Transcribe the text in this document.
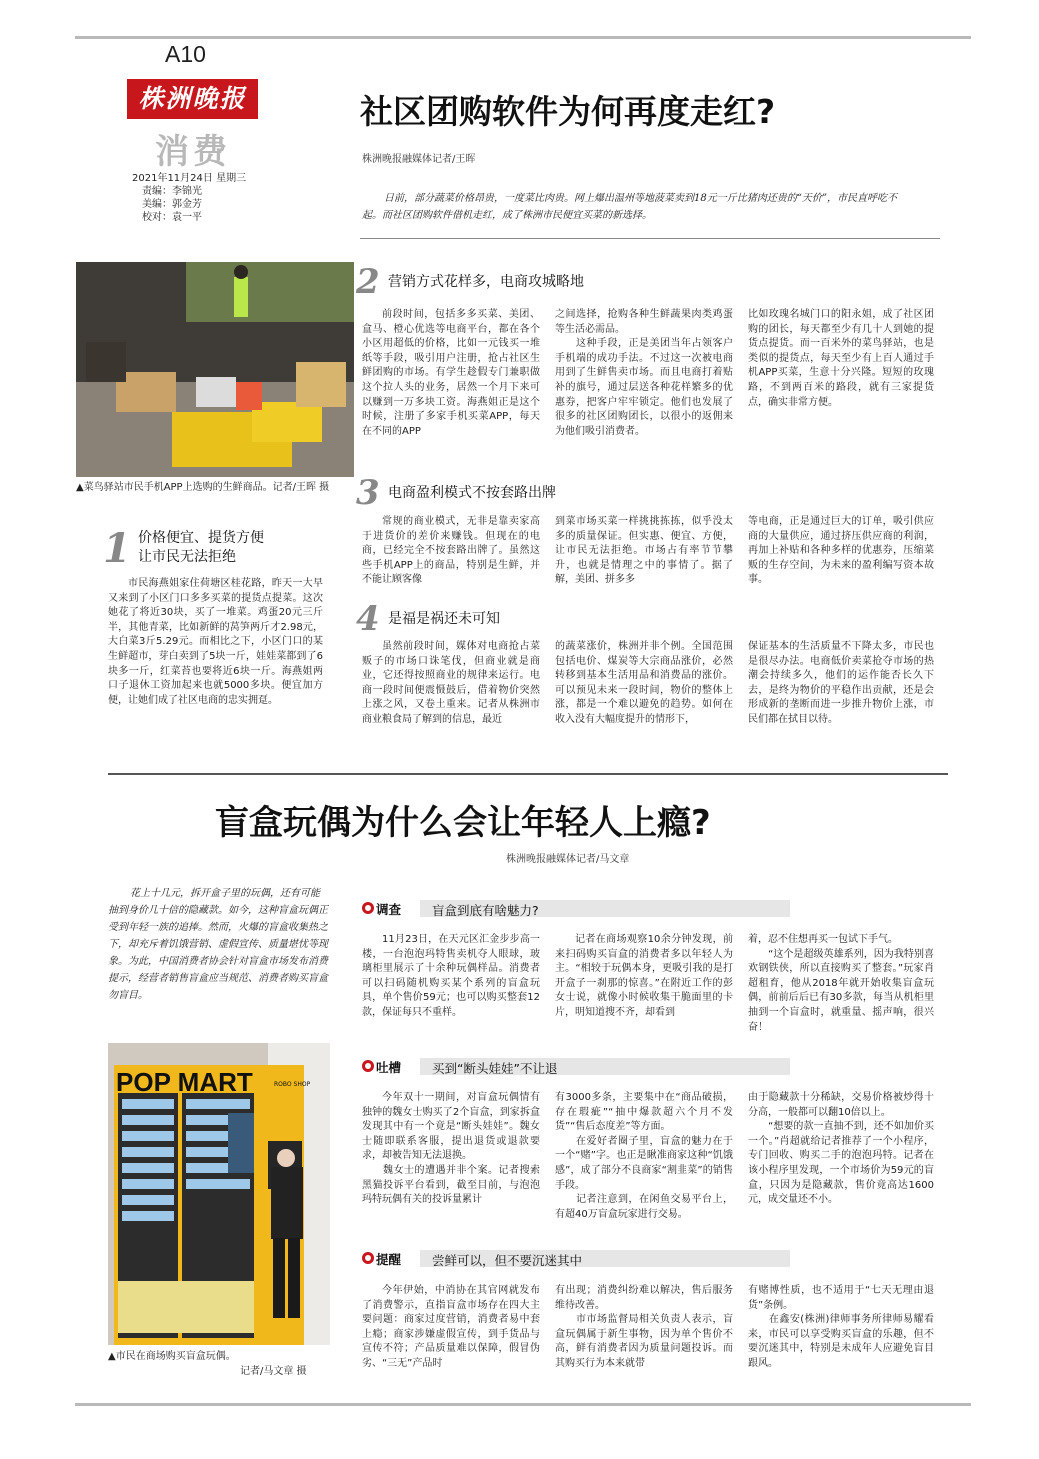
A10
株洲晚报
消费
2021年11月24日 星期三
责编：李锦光
美编：郭金芳
校对：袁一平
社区团购软件为何再度走红?
株洲晚报融媒体记者/王晖
日前，部分蔬菜价格昂贵，一度菜比肉贵。网上爆出温州等地菠菜卖到18元一斤比猪肉还贵的“天价”，市民直呼吃不起。而社区团购软件借机走红，成了株洲市民便宜买菜的新选择。
▲菜鸟驿站市民手机APP上选购的生鲜商品。记者/王晖 摄
1 价格便宜、提货方便
让市民无法拒绝
市民海燕姐家住荷塘区桂花路，昨天一大早又来到了小区门口多多买菜的提货点提菜。这次她花了将近30块，买了一堆菜。鸡蛋20元三斤半，其他青菜，比如新鲜的莴笋两斤才2.98元，大白菜3斤5.29元。而相比之下，小区门口的某生鲜超市，芽白卖到了5块一斤，娃娃菜都到了6块多一斤，红菜苔也要将近6块一斤。海燕姐两口子退休工资加起来也就5000多块。便宜加方便，让她们成了社区电商的忠实拥趸。
2 营销方式花样多，电商攻城略地
前段时间，包括多多买菜、美团、盒马、橙心优选等电商平台，都在各个小区用超低的价格，比如一元钱买一堆纸等手段，吸引用户注册，抢占社区生鲜团购的市场。有学生趁假专门兼职做这个拉人头的业务，居然一个月下来可以赚到一万多块工资。海燕姐正是这个时候，注册了多家手机买菜APP，每天在不同的APP
之间选择，抢购各种生鲜蔬果肉类鸡蛋等生活必需品。
　　这种手段，正是美团当年占领客户手机端的成功手法。不过这一次被电商用到了生鲜售卖市场。而且电商打着贴补的旗号，通过层送各种花样繁多的优惠券，把客户牢牢锁定。他们也发展了很多的社区团购团长，以很小的返佣来为他们吸引消费者。
比如玫瑰名城门口的阳永姐，成了社区团购的团长，每天都至少有几十人到她的提货点提货。而一百米外的菜鸟驿站，也是类似的提货点，每天至少有上百人通过手机APP买菜，生意十分兴隆。短短的玫瑰路，不到两百米的路段，就有三家提货点，确实非常方便。
3 电商盈利模式不按套路出牌
常规的商业模式，无非是靠卖家高于进货价的差价来赚钱。但现在的电商，已经完全不按套路出牌了。虽然这些手机APP上的商品，特别是生鲜，并不能让顾客像
到菜市场买菜一样挑挑拣拣，似乎没太多的质量保证。但实惠、便宜、方便，让市民无法拒绝。市场占有率节节攀升，也就是情理之中的事情了。据了解，美团、拼多多
等电商，正是通过巨大的订单，吸引供应商的大量供应，通过挤压供应商的利润，再加上补贴和各种多样的优惠券，压缩菜贩的生存空间，为未来的盈利编写资本故事。
4 是福是祸还未可知
虽然前段时间，媒体对电商抢占菜贩子的市场口诛笔伐，但商业就是商业，它还得按照商业的规律来运行。电商一段时间便震慑鼓后，借着物价突然上涨之风，又卷土重来。记者从株洲市商业粮食局了解到的信息，最近
的蔬菜涨价，株洲并非个例。全国范围包括电价、煤炭等大宗商品涨价，必然转移到基本生活用品和消费品的涨价。可以预见未来一段时间，物价的整体上涨，都是一个难以避免的趋势。如何在收入没有大幅度提升的情形下，
保证基本的生活质量不下降太多，市民也是很尽办法。电商低价卖菜抢夺市场的热潮会持续多久，他们的运作能否长久下去，是终为物价的平稳作出贡献，还是会形成新的垄断而进一步推升物价上涨，市民们都在拭目以待。
盲盒玩偶为什么会让年轻人上瘾?
株洲晚报融媒体记者/马文章
花上十几元，拆开盒子里的玩偶，还有可能抽到身价几十倍的隐藏款。如今，这种盲盒玩偶正受到年轻一族的追捧。然而，火爆的盲盒收集热之下，却充斥着饥饿营销、虚假宣传、质量堪忧等现象。为此，中国消费者协会针对盲盒市场发布消费提示，经营者销售盲盒应当规范、消费者购买盲盒勿盲目。
POP MART	ROBO SHOP
▲市民在商场购买盲盒玩偶。
记者/马文章 摄
调查 盲盒到底有啥魅力?
11月23日，在天元区汇金步步高一楼，一台泡泡玛特售卖机夺人眼球，玻璃柜里展示了十余种玩偶样品。消费者可以扫码随机购买某个系列的盲盒玩具，单个售价59元；也可以购买整套12款，保证每只不重样。
记者在商场观察10余分钟发现，前来扫码购买盲盒的消费者多以年轻人为主。“相较于玩偶本身，更吸引我的是打开盒子一刹那的惊喜。”在附近工作的彭女士说，就像小时候收集干脆面里的卡片，明知道搜不齐，却看到
着，忍不住想再买一包试下手气。
　　“这个是超级英雄系列，因为我特别喜欢钢铁侠，所以直接购买了整套。”玩家肖超租育，他从2018年就开始收集盲盒玩偶，前前后后已有30多款，每当从机柜里抽到一个盲盒时，就重量、摇声响，很兴奋！
吐槽 买到“断头娃娃”不让退
今年双十一期间，对盲盒玩偶情有独钟的魏女士购买了2个盲盒，到家拆盒发现其中有一个竟是“断头娃娃”。魏女士随即联系客服，提出退货或退款要求，却被告知无法退换。
　　魏女士的遭遇并非个案。记者搜索黑猫投诉平台看到，截至目前，与泡泡玛特玩偶有关的投诉量累计
有3000多条，主要集中在“商品破损，存在瑕疵”“抽中爆款超六个月不发货”“售后态度差”等方面。
　　在爱好者圈子里，盲盒的魅力在于一个“赌”字。也正是瞅准商家这种“饥饿感”，成了部分不良商家“割韭菜”的销售手段。
　　记者注意到，在闲鱼交易平台上，有超40万盲盒玩家进行交易。
由于隐藏款十分稀缺，交易价格被炒得十分高，一般都可以翻10倍以上。
　　“想要的款一直抽不到，还不如加价买一个。”肖超就给记者推荐了一个小程序，专门回收、购买二手的泡泡玛特。记者在该小程序里发现，一个市场价为59元的盲盒，只因为是隐藏款，售价竟高达1600元，成交量还不小。
提醒 尝鲜可以，但不要沉迷其中
今年伊始，中消协在其官网就发布了消费警示，直指盲盒市场存在四大主要问题：商家过度营销，消费者易中套上瘾；商家涉嫌虚假宣传，到手货品与宣传不符；产品质量难以保障，假冒伪劣、“三无”产品时
有出现；消费纠纷难以解决，售后服务维待改善。
　　市市场监督局相关负责人表示，盲盒玩偶属于新生事物，因为单个售价不高，鲜有消费者因为质量问题投诉。而其购买行为本来就带
有赌博性质，也不适用于“七天无理由退货”条例。
　　在鑫安(株洲)律师事务所律师易耀看来，市民可以享受购买盲盒的乐趣，但不要沉迷其中，特别是未成年人应避免盲目跟风。
